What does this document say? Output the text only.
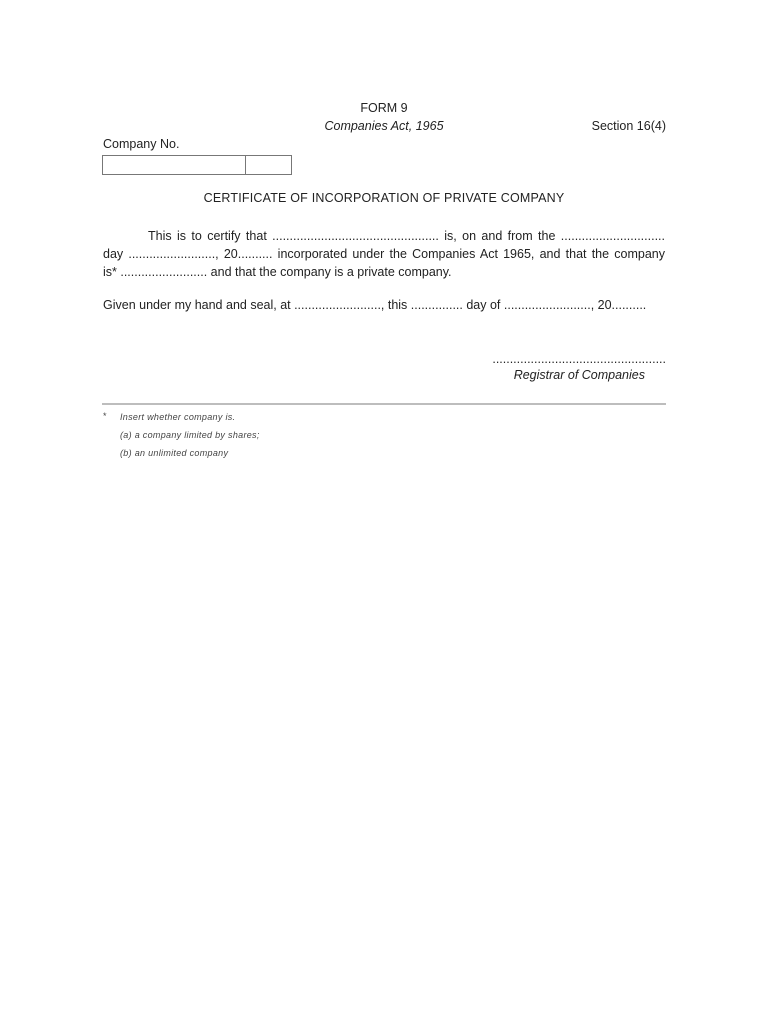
FORM 9
Companies Act, 1965	Section 16(4)
Company No.
CERTIFICATE OF INCORPORATION OF PRIVATE COMPANY
This is to certify that ................................................ is, on and from the ..............................
day ........................., 20.......... incorporated under the Companies Act 1965, and that the company
is* ......................... and that the company is a private company.
Given under my hand and seal, at ........................., this ............... day of ........................., 20..........
..................................................
Registrar of Companies
* Insert whether company is.
(a) a company limited by shares;
(b) an unlimited company
